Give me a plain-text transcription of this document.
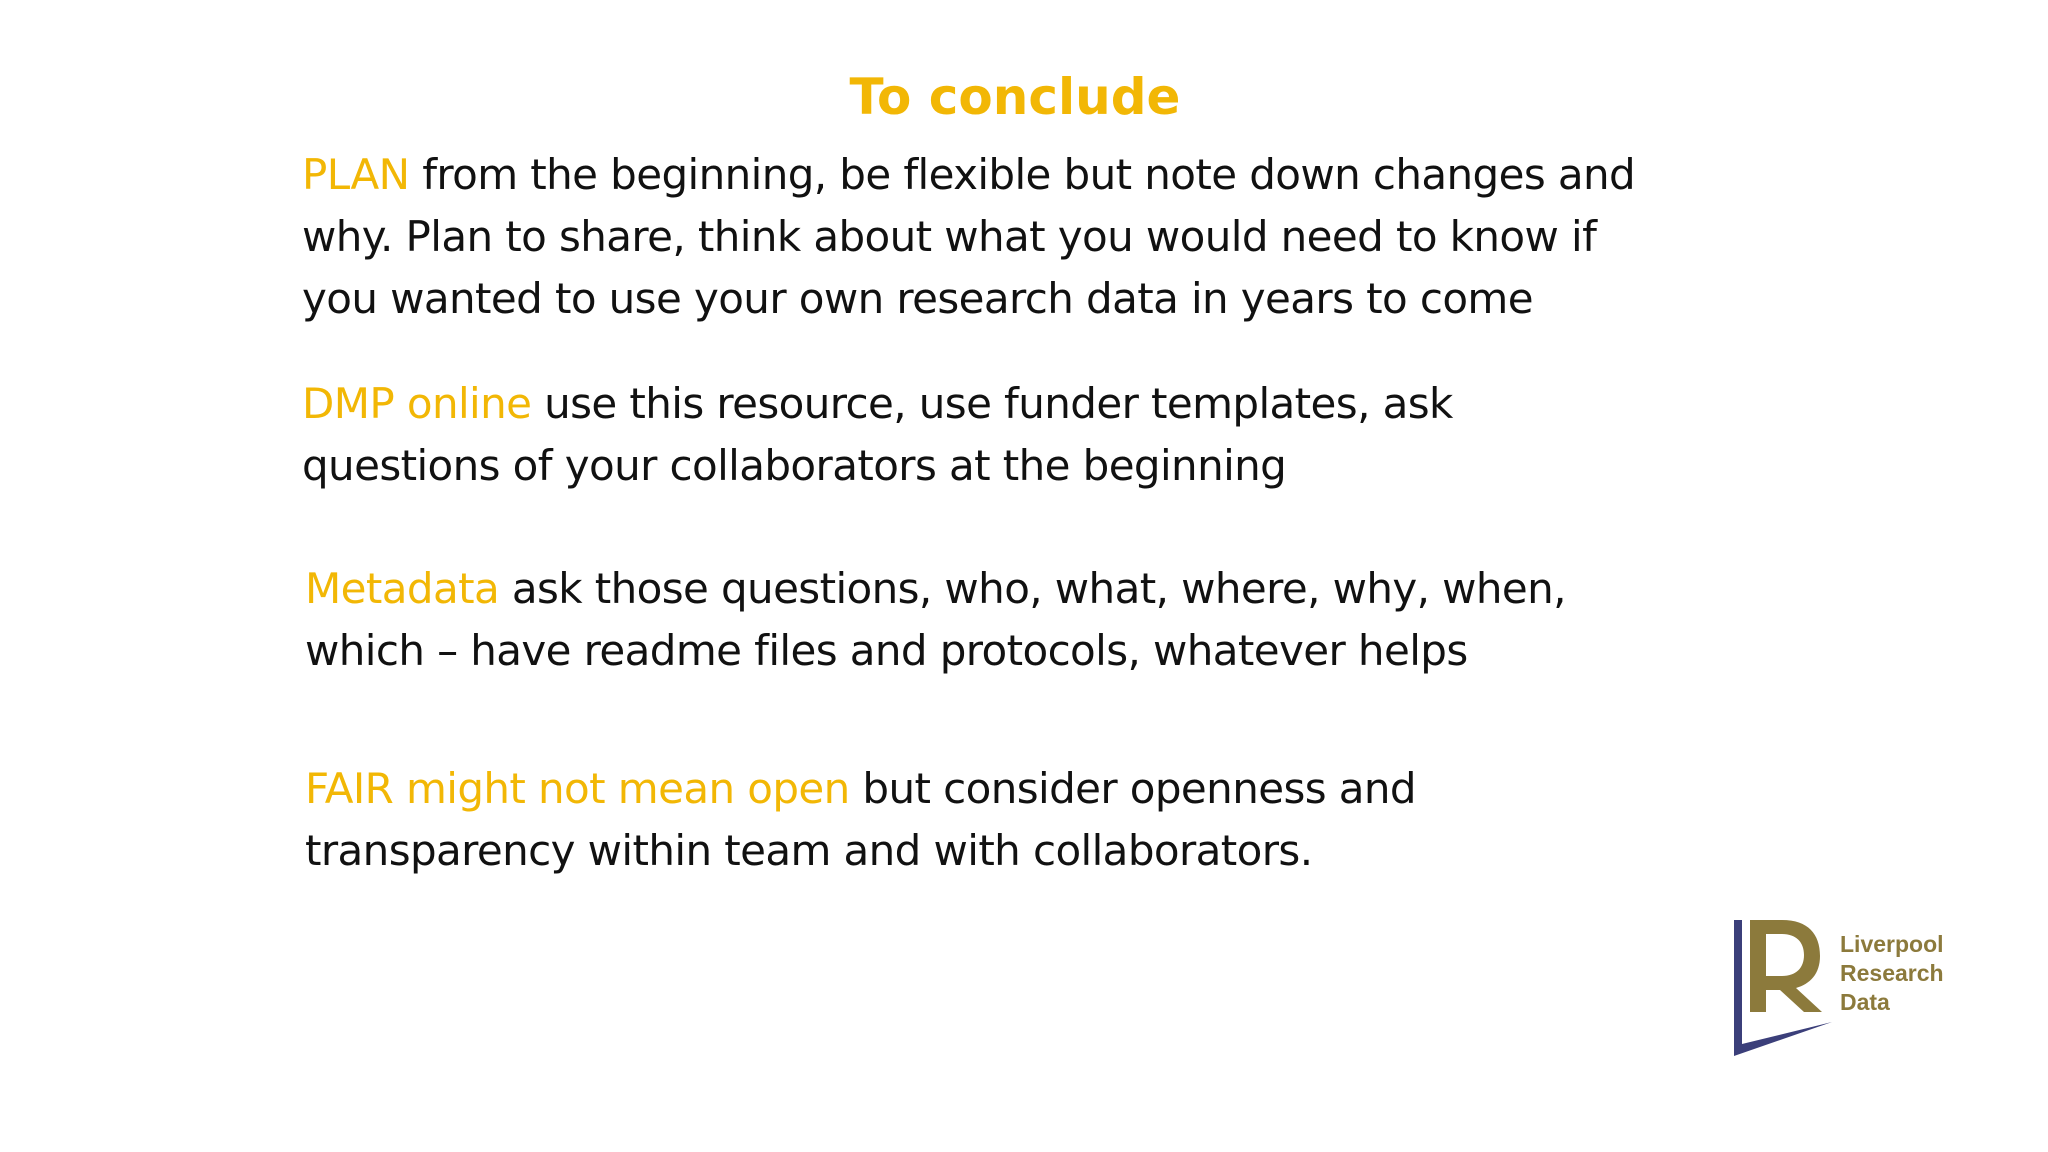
To conclude
PLAN from the beginning, be flexible but note down changes and
why. Plan to share, think about what you would need to know if
you wanted to use your own research data in years to come
DMP online use this resource, use funder templates, ask
questions of your collaborators at the beginning
Metadata ask those questions, who, what, where, why, when,
which – have readme files and protocols, whatever helps
FAIR might not mean open but consider openness and
transparency within team and with collaborators.
Liverpool
Research
Data
